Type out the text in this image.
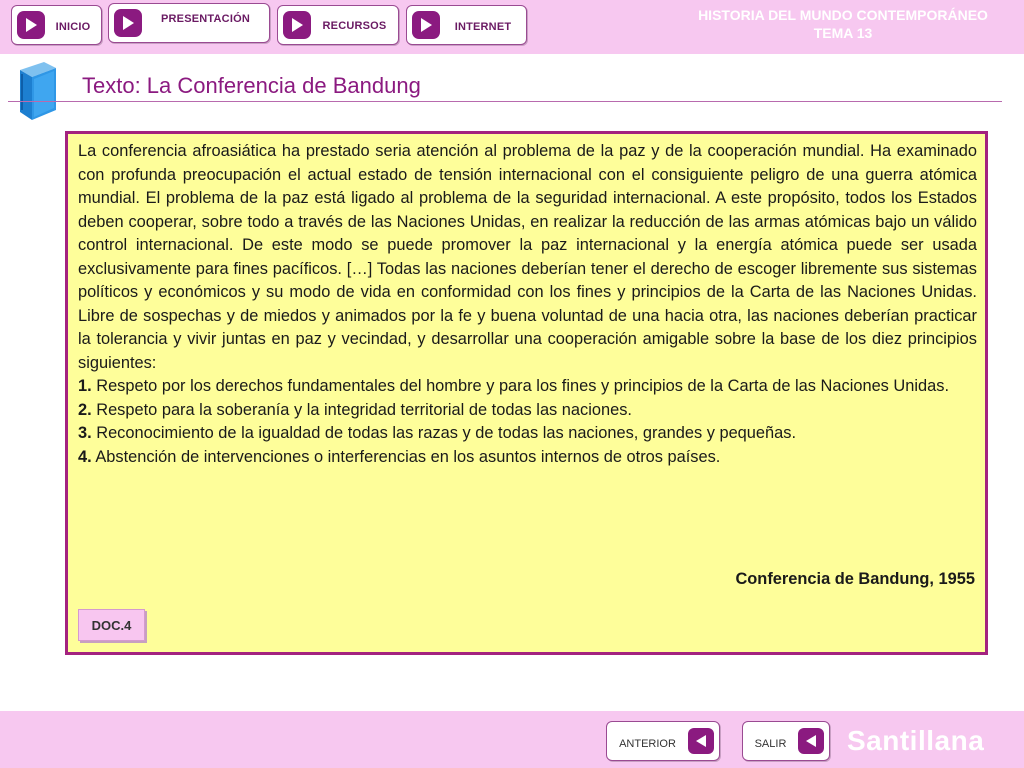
INICIO
PRESENTACIÓN
RECURSOS	INTERNET
HISTORIA DEL MUNDO CONTEMPORÁNEO
TEMA 13
Texto: La Conferencia de Bandung

La conferencia afroasiática ha prestado seria atención al problema de la paz y de la cooperación mundial. Ha examinado con profunda preocupación el actual estado de tensión internacional con el consiguiente peligro de una guerra atómica mundial. El problema de la paz está ligado al problema de la seguridad internacional. A este propósito, todos los Estados deben cooperar, sobre todo a través de las Naciones Unidas, en realizar la reducción de las armas atómicas bajo un válido control internacional. De este modo se puede promover la paz internacional y la energía atómica puede ser usada exclusivamente para fines pacíficos. […] Todas las naciones deberían tener el derecho de escoger libremente sus sistemas políticos y económicos y su modo de vida en conformidad con los fines y principios de la Carta de las Naciones Unidas. Libre de sospechas y de miedos y animados por la fe y buena voluntad de una hacia otra, las naciones deberían practicar la tolerancia y vivir juntas en paz y vecindad, y desarrollar una cooperación amigable sobre la base de los diez principios siguientes:

1. Respeto por los derechos fundamentales del hombre y para los fines y principios de la Carta de las Naciones Unidas.

2. Respeto para la soberanía y la integridad territorial de todas las naciones.

3. Reconocimiento de la igualdad de todas las razas y de todas las naciones, grandes y pequeñas.

4. Abstención de intervenciones o interferencias en los asuntos internos de otros países.

Conferencia de Bandung, 1955
DOC.4
ANTERIOR	SALIR	Santillana
